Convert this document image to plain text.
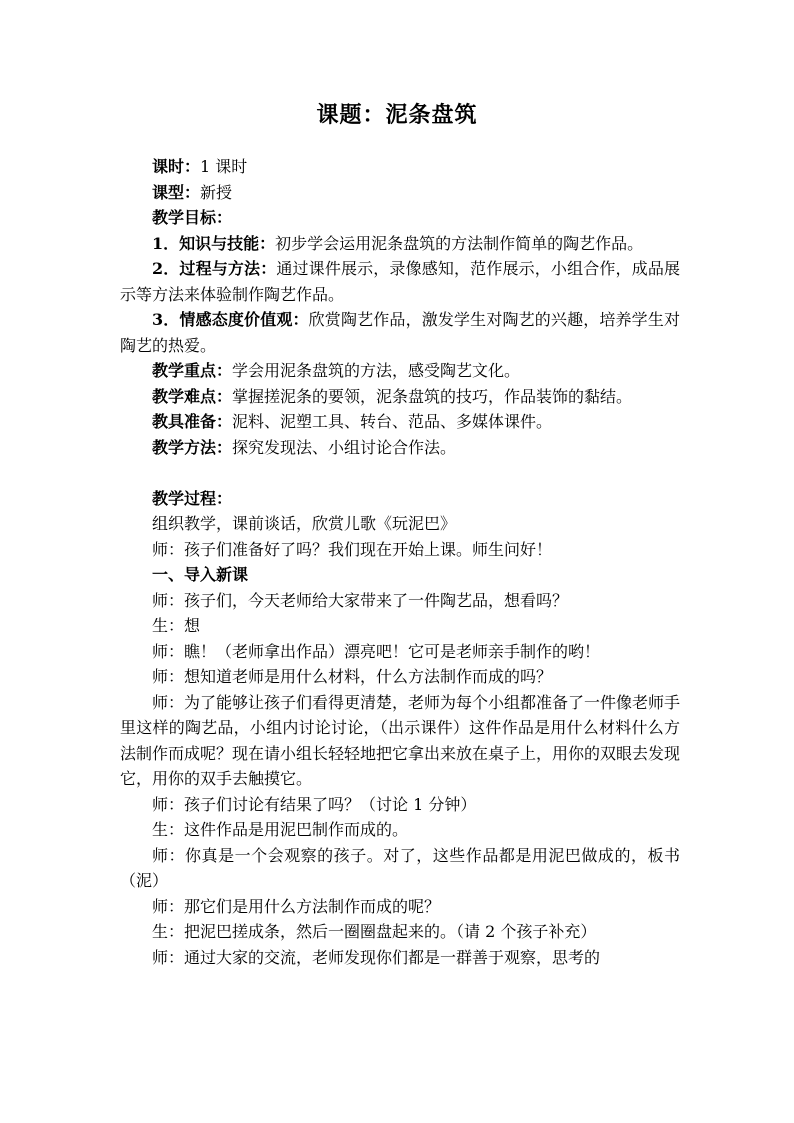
课题：泥条盘筑

课时：1 课时

课型：新授

教学目标：

1．知识与技能：初步学会运用泥条盘筑的方法制作简单的陶艺作品。

2．过程与方法：通过课件展示，录像感知，范作展示，小组合作，成品展示等方法来体验制作陶艺作品。

3．情感态度价值观：欣赏陶艺作品，激发学生对陶艺的兴趣，培养学生对陶艺的热爱。

教学重点：学会用泥条盘筑的方法，感受陶艺文化。

教学难点：掌握搓泥条的要领，泥条盘筑的技巧，作品装饰的黏结。

教具准备：泥料、泥塑工具、转台、范品、多媒体课件。

教学方法：探究发现法、小组讨论合作法。

教学过程：

组织教学，课前谈话，欣赏儿歌《玩泥巴》

师：孩子们准备好了吗？我们现在开始上课。师生问好！

一、导入新课

师：孩子们，今天老师给大家带来了一件陶艺品，想看吗？

生：想

师：瞧！（老师拿出作品）漂亮吧！它可是老师亲手制作的哟！

师：想知道老师是用什么材料，什么方法制作而成的吗？

师：为了能够让孩子们看得更清楚，老师为每个小组都准备了一件像老师手里这样的陶艺品，小组内讨论讨论，（出示课件）这件作品是用什么材料什么方法制作而成呢？现在请小组长轻轻地把它拿出来放在桌子上，用你的双眼去发现它，用你的双手去触摸它。

师：孩子们讨论有结果了吗？（讨论 1 分钟）

生：这件作品是用泥巴制作而成的。

师：你真是一个会观察的孩子。对了，这些作品都是用泥巴做成的，板书（泥）

师：那它们是用什么方法制作而成的呢？

生：把泥巴搓成条，然后一圈圈盘起来的。（请 2 个孩子补充）

师：通过大家的交流，老师发现你们都是一群善于观察，思考的
